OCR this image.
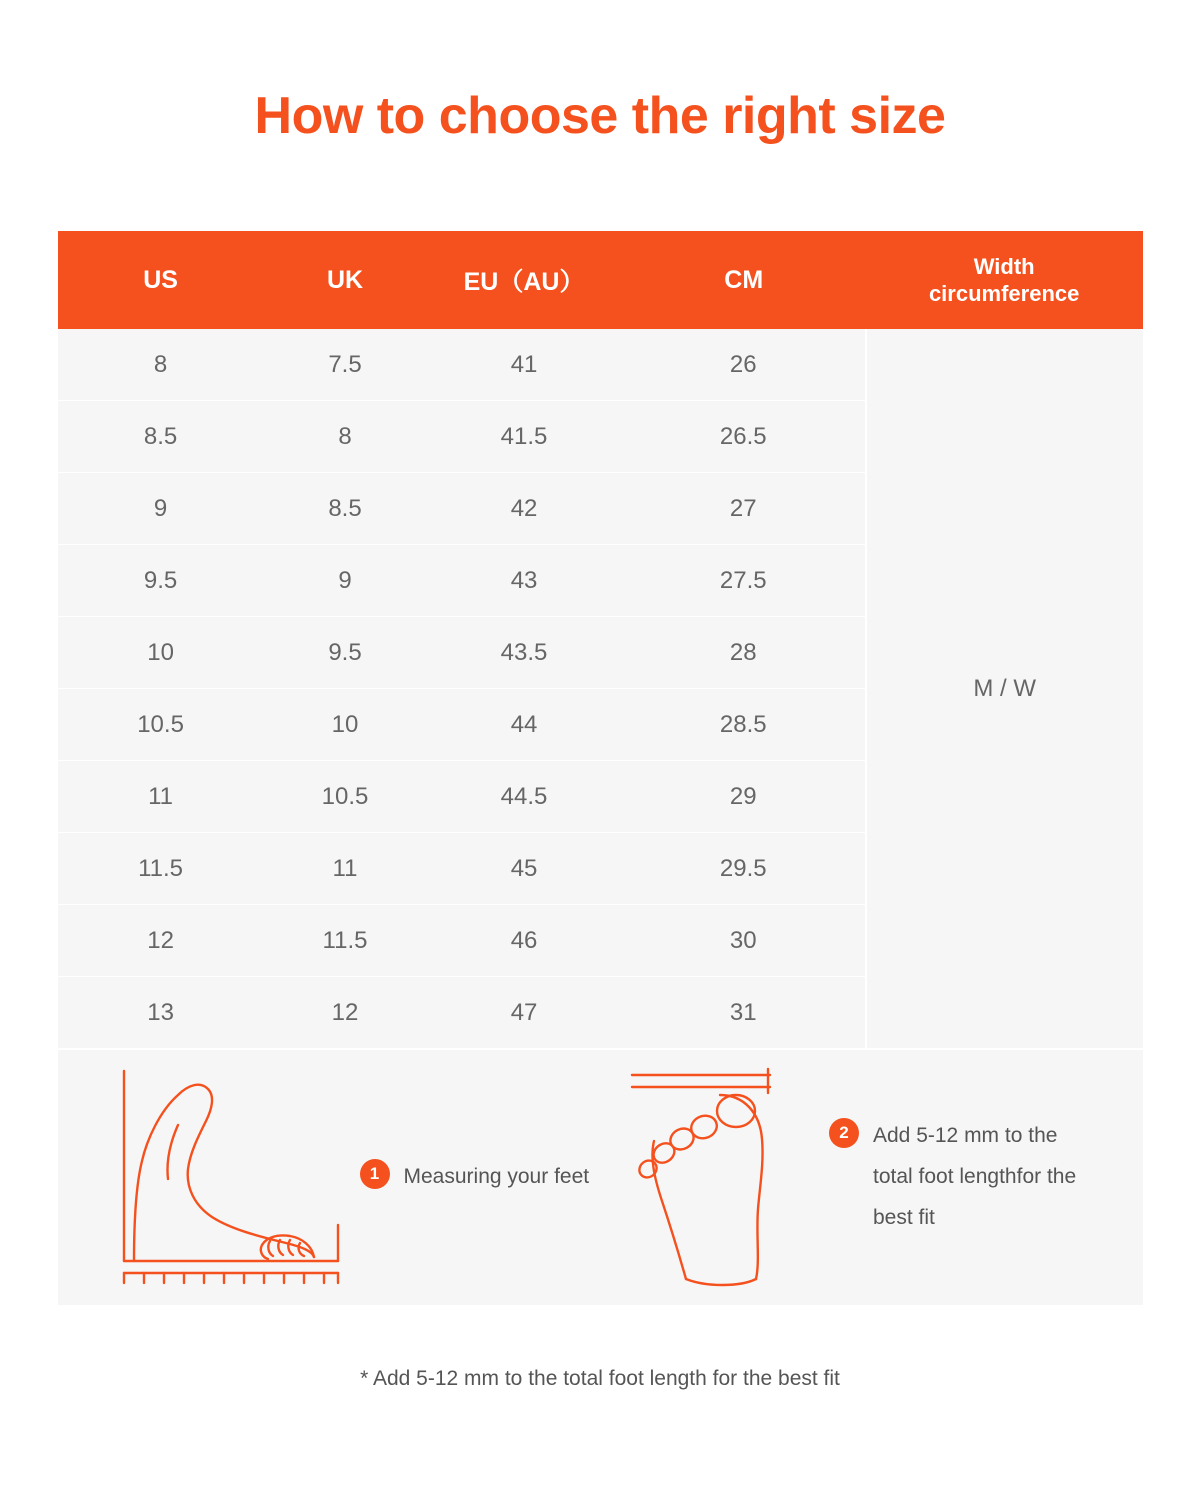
How to choose the right size
US	UK	EU（AU）	CM	Width
circumference

8	7.5	41	26	M / W
8.5	8	41.5	26.5	
9	8.5	42	27	
9.5	9	43	27.5	
10	9.5	43.5	28	
10.5	10	44	28.5	
11	10.5	44.5	29	
11.5	11	45	29.5	
12	11.5	46	30	
13	12	47	31	
1	Measuring your feet
2	Add 5-12 mm to the total foot lengthfor the best fit
* Add 5-12 mm to the total foot length for the best fit
